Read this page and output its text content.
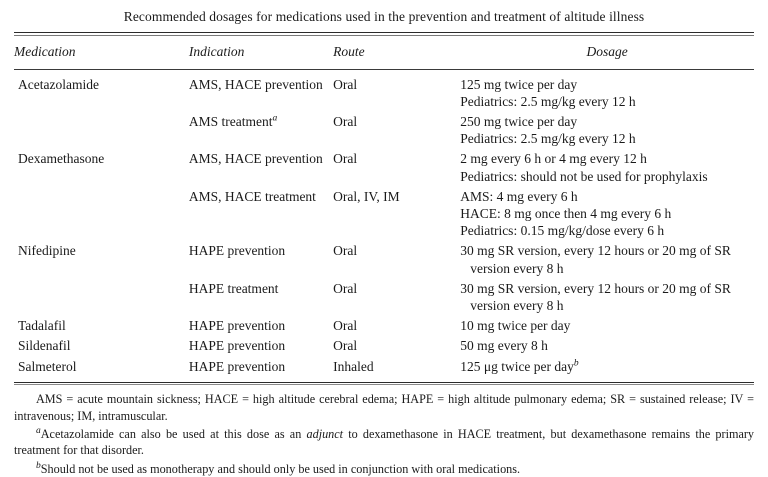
Recommended dosages for medications used in the prevention and treatment of altitude illness
Medication	Indication	Route	Dosage
Acetazolamide	AMS, HACE prevention	Oral	125 mg twice per day
Pediatrics: 2.5 mg/kg every 12 h

	AMS treatment$^a$	Oral	250 mg twice per day
Pediatrics: 2.5 mg/kg every 12 h

Dexamethasone	AMS, HACE prevention	Oral	2 mg every 6 h or 4 mg every 12 h
Pediatrics: should not be used for prophylaxis

	AMS, HACE treatment	Oral, IV, IM	AMS: 4 mg every 6 h
HACE: 8 mg once then 4 mg every 6 h
Pediatrics: 0.15 mg/kg/dose every 6 h

Nifedipine	HAPE prevention	Oral	30 mg SR version, every 12 hours or 20 mg of SR version every 8 h

	HAPE treatment	Oral	30 mg SR version, every 12 hours or 20 mg of SR version every 8 h

Tadalafil	HAPE prevention	Oral	10 mg twice per day

Sildenafil	HAPE prevention	Oral	50 mg every 8 h

Salmeterol	HAPE prevention	Inhaled	125 μg twice per day$^b$

AMS = acute mountain sickness; HACE = high altitude cerebral edema; HAPE = high altitude pulmonary edema; SR = sustained release; IV = intravenous; IM, intramuscular.

$^a$Acetazolamide can also be used at this dose as an adjunct to dexamethasone in HACE treatment, but dexamethasone remains the primary treatment for that disorder.

$^b$Should not be used as monotherapy and should only be used in conjunction with oral medications.
